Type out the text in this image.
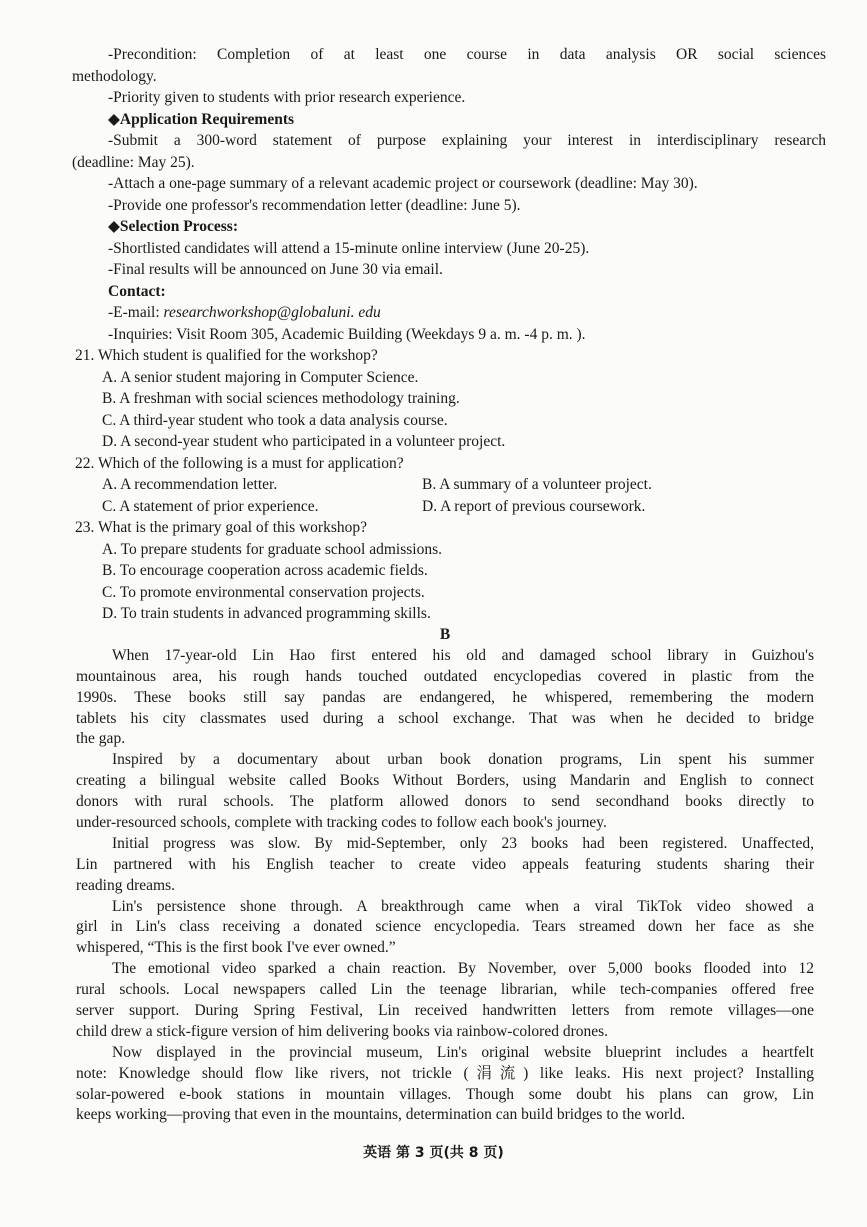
-Precondition: Completion of at least one course in data analysis OR social sciences
methodology.
-Priority given to students with prior research experience.
◆Application Requirements
-Submit a 300-word statement of purpose explaining your interest in interdisciplinary research
(deadline: May 25).
-Attach a one-page summary of a relevant academic project or coursework (deadline: May 30).
-Provide one professor's recommendation letter (deadline: June 5).
◆Selection Process:
-Shortlisted candidates will attend a 15-minute online interview (June 20-25).
-Final results will be announced on June 30 via email.
Contact:
-E-mail: researchworkshop@globaluni. edu
-Inquiries: Visit Room 305, Academic Building (Weekdays 9 a. m. -4 p. m. ).
21. Which student is qualified for the workshop?
A. A senior student majoring in Computer Science.
B. A freshman with social sciences methodology training.
C. A third-year student who took a data analysis course.
D. A second-year student who participated in a volunteer project.
22. Which of the following is a must for application?
A. A recommendation letter.	B. A summary of a volunteer project.
C. A statement of prior experience.	D. A report of previous coursework.
23. What is the primary goal of this workshop?
A. To prepare students for graduate school admissions.
B. To encourage cooperation across academic fields.
C. To promote environmental conservation projects.
D. To train students in advanced programming skills.
B
When 17-year-old Lin Hao first entered his old and damaged school library in Guizhou's
mountainous area, his rough hands touched outdated encyclopedias covered in plastic from the
1990s. These books still say pandas are endangered, he whispered, remembering the modern
tablets his city classmates used during a school exchange. That was when he decided to bridge
the gap.
Inspired by a documentary about urban book donation programs, Lin spent his summer
creating a bilingual website called Books Without Borders, using Mandarin and English to connect
donors with rural schools. The platform allowed donors to send secondhand books directly to
under-resourced schools, complete with tracking codes to follow each book's journey.
Initial progress was slow. By mid-September, only 23 books had been registered. Unaffected,
Lin partnered with his English teacher to create video appeals featuring students sharing their
reading dreams.
Lin's persistence shone through. A breakthrough came when a viral TikTok video showed a
girl in Lin's class receiving a donated science encyclopedia. Tears streamed down her face as she
whispered, “This is the first book I've ever owned.”
The emotional video sparked a chain reaction. By November, over 5,000 books flooded into 12
rural schools. Local newspapers called Lin the teenage librarian, while tech-companies offered free
server support. During Spring Festival, Lin received handwritten letters from remote villages—one
child drew a stick-figure version of him delivering books via rainbow-colored drones.
Now displayed in the provincial museum, Lin's original website blueprint includes a heartfelt
note: Knowledge should flow like rivers, not trickle (涓流) like leaks. His next project? Installing
solar-powered e-book stations in mountain villages. Though some doubt his plans can grow, Lin
keeps working—proving that even in the mountains, determination can build bridges to the world.
英语 第 3 页(共 8 页)
